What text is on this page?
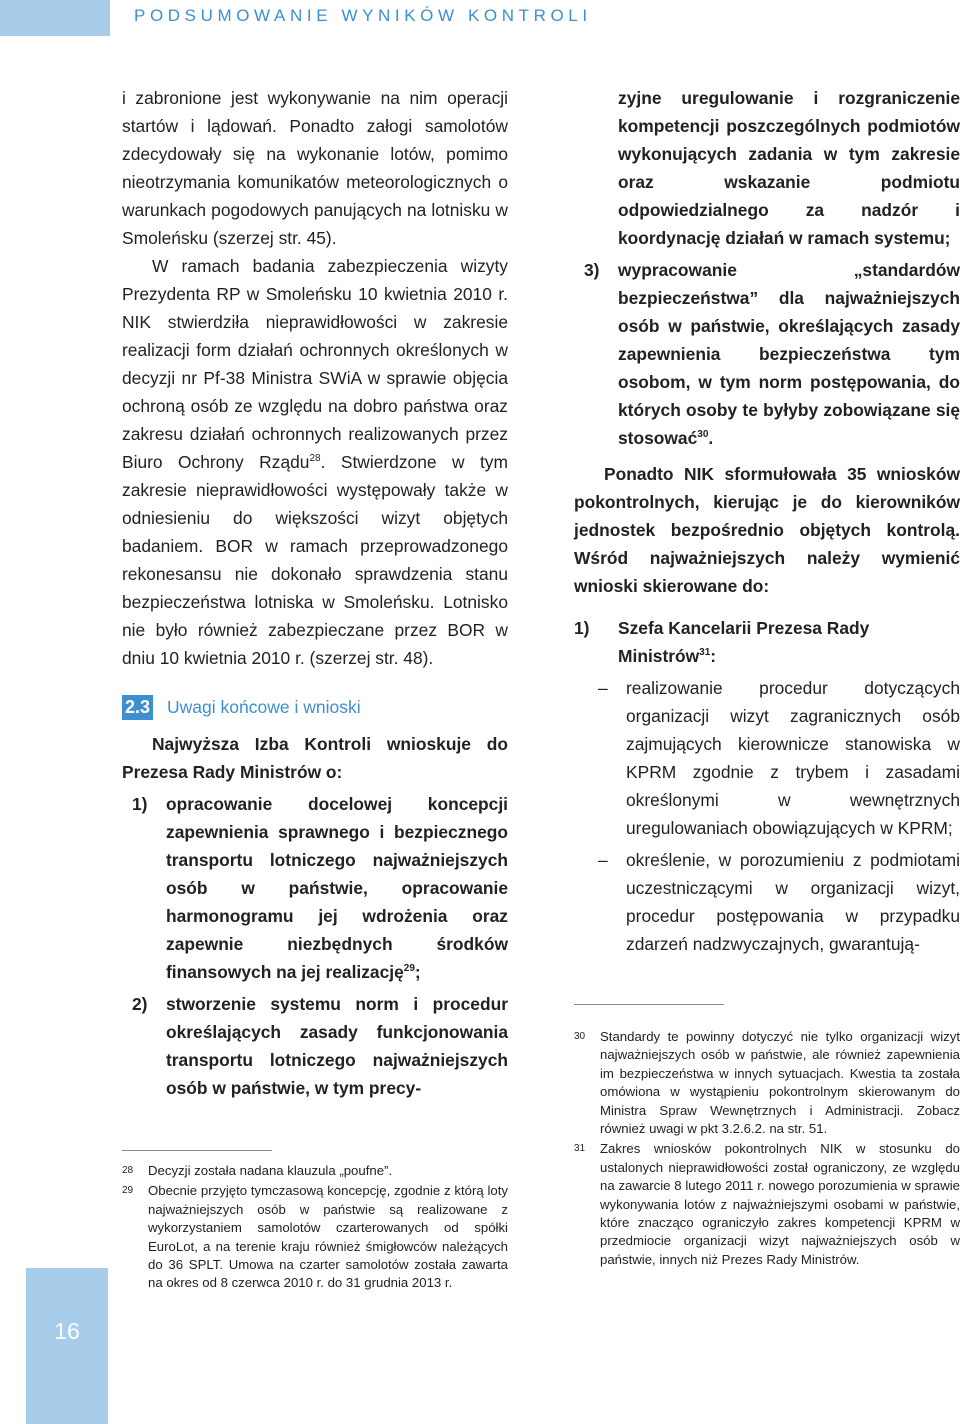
PODSUMOWANIE WYNIKÓW KONTROLI
16

i zabronione jest wykonywanie na nim operacji startów i lądowań. Ponadto załogi samolotów zdecydowały się na wykonanie lotów, pomimo nieotrzymania komunikatów meteorologicznych o warunkach pogodowych panujących na lotnisku w Smoleńsku (szerzej str. 45).

W ramach badania zabezpieczenia wizyty Prezydenta RP w Smoleńsku 10 kwietnia 2010 r. NIK stwierdziła nieprawidłowości w zakresie realizacji form działań ochronnych określonych w decyzji nr Pf-38 Ministra SWiA w sprawie objęcia ochroną osób ze względu na dobro państwa oraz zakresu działań ochronnych realizowanych przez Biuro Ochrony Rządu$^{28}$. Stwierdzone w tym zakresie nieprawidłowości występowały także w odniesieniu do większości wizyt objętych badaniem. BOR w ramach przeprowadzonego rekonesansu nie dokonało sprawdzenia stanu bezpieczeństwa lotniska w Smoleńsku. Lotnisko nie było również zabezpieczane przez BOR w dniu 10 kwietnia 2010 r. (szerzej str. 48).

2.3 Uwagi końcowe i wnioski

Najwyższa Izba Kontroli wnioskuje do Prezesa Rady Ministrów o:

1)	opracowanie docelowej koncepcji zapewnienia sprawnego i bezpiecznego transportu lotniczego najważniejszych osób w państwie, opracowanie harmonogramu jej wdrożenia oraz zapewnie niezbędnych środków finansowych na jej realizację$^{29}$;

2)	stworzenie systemu norm i procedur określających zasady funkcjonowania transportu lotniczego najważniejszych osób w państwie, w tym precy-

zyjne uregulowanie i rozgraniczenie kompetencji poszczególnych podmiotów wykonujących zadania w tym zakresie oraz wskazanie podmiotu odpowiedzialnego za nadzór i koordynację działań w ramach systemu;

3)	wypracowanie „standardów bezpieczeństwa” dla najważniejszych osób w państwie, określających zasady zapewnienia bezpieczeństwa tym osobom, w tym norm postępowania, do których osoby te byłyby zobowiązane się stosować$^{30}$.

Ponadto NIK sformułowała 35 wniosków pokontrolnych, kierując je do kierowników jednostek bezpośrednio objętych kontrolą. Wśród najważniejszych należy wymienić wnioski skierowane do:

1)	Szefa Kancelarii Prezesa Rady Ministrów$^{31}$:

–	realizowanie procedur dotyczących organizacji wizyt zagranicznych osób zajmujących kierownicze stanowiska w KPRM zgodnie z trybem i zasadami określonymi w wewnętrznych uregulowaniach obowiązujących w KPRM;

–	określenie, w porozumieniu z podmiotami uczestniczącymi w organizacji wizyt, procedur postępowania w przypadku zdarzeń nadzwyczajnych, gwarantują-

28	Decyzji została nadana klauzula „poufne”.
29	Obecnie przyjęto tymczasową koncepcję, zgodnie z którą loty najważniejszych osób w państwie są realizowane z wykorzystaniem samolotów czarterowanych od spółki EuroLot, a na terenie kraju również śmigłowców należących do 36 SPLT. Umowa na czarter samolotów została zawarta na okres od 8 czerwca 2010 r. do 31 grudnia 2013 r.
30	Standardy te powinny dotyczyć nie tylko organizacji wizyt najważniejszych osób w państwie, ale również zapewnienia im bezpieczeństwa w innych sytuacjach. Kwestia ta została omówiona w wystąpieniu pokontrolnym skierowanym do Ministra Spraw Wewnętrznych i Administracji. Zobacz również uwagi w pkt 3.2.6.2. na str. 51.
31	Zakres wniosków pokontrolnych NIK w stosunku do ustalonych nieprawidłowości został ograniczony, ze względu na zawarcie 8 lutego 2011 r. nowego porozumienia w sprawie wykonywania lotów z najważniejszymi osobami w państwie, które znacząco ograniczyło zakres kompetencji KPRM w przedmiocie organizacji wizyt najważniejszych osób w państwie, innych niż Prezes Rady Ministrów.
